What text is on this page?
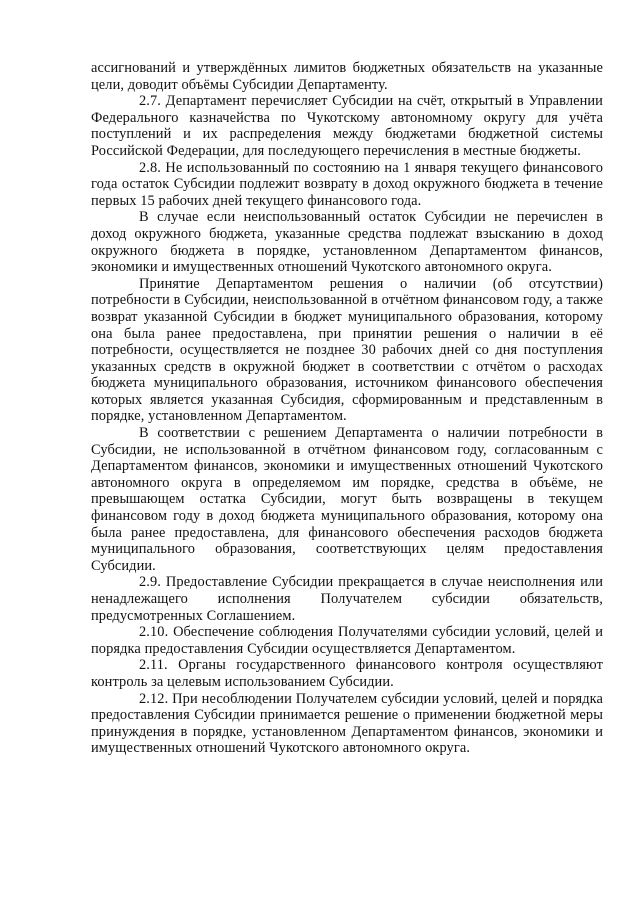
ассигнований и утверждённых лимитов бюджетных обязательств на указанные цели, доводит объёмы Субсидии Департаменту.

2.7. Департамент перечисляет Субсидии на счёт, открытый в Управлении Федерального казначейства по Чукотскому автономному округу для учёта поступлений и их распределения между бюджетами бюджетной системы Российской Федерации, для последующего перечисления в местные бюджеты.

2.8. Не использованный по состоянию на 1 января текущего финансового года остаток Субсидии подлежит возврату в доход окружного бюджета в течение первых 15 рабочих дней текущего финансового года.

В случае если неиспользованный остаток Субсидии не перечислен в доход окружного бюджета, указанные средства подлежат взысканию в доход окружного бюджета в порядке, установленном Департаментом финансов, экономики и имущественных отношений Чукотского автономного округа.

Принятие Департаментом решения о наличии (об отсутствии) потребности в Субсидии, неиспользованной в отчётном финансовом году, а также возврат указанной Субсидии в бюджет муниципального образования, которому она была ранее предоставлена, при принятии решения о наличии в её потребности, осуществляется не позднее 30 рабочих дней со дня поступления указанных средств в окружной бюджет в соответствии с отчётом о расходах бюджета муниципального образования, источником финансового обеспечения которых является указанная Субсидия, сформированным и представленным в порядке, установленном Департаментом.

В соответствии с решением Департамента о наличии потребности в Субсидии, не использованной в отчётном финансовом году, согласованным с Департаментом финансов, экономики и имущественных отношений Чукотского автономного округа в определяемом им порядке, средства в объёме, не превышающем остатка Субсидии, могут быть возвращены в текущем финансовом году в доход бюджета муниципального образования, которому она была ранее предоставлена, для финансового обеспечения расходов бюджета муниципального образования, соответствующих целям предоставления Субсидии.

2.9. Предоставление Субсидии прекращается в случае неисполнения или ненадлежащего исполнения Получателем субсидии обязательств, предусмотренных Соглашением.

2.10. Обеспечение соблюдения Получателями субсидии условий, целей и порядка предоставления Субсидии осуществляется Департаментом.

2.11. Органы государственного финансового контроля осуществляют контроль за целевым использованием Субсидии.

2.12. При несоблюдении Получателем субсидии условий, целей и порядка предоставления Субсидии принимается решение о применении бюджетной меры принуждения в порядке, установленном Департаментом финансов, экономики и имущественных отношений Чукотского автономного округа.
